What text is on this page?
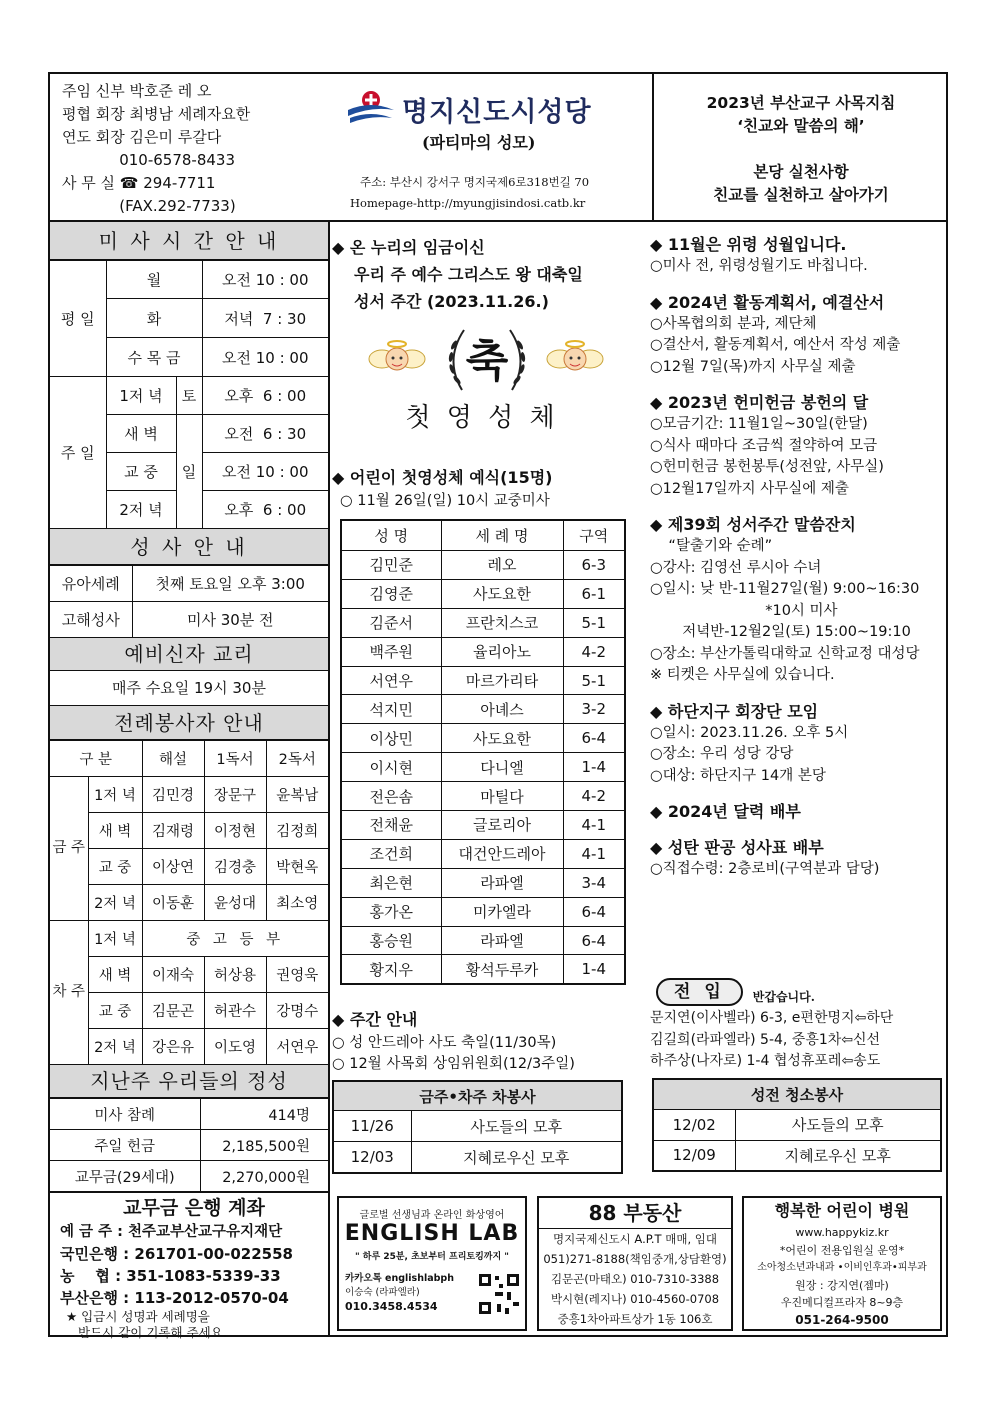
주임 신부 박호준 레 오
평협 회장 최병남 세례자요한
연도 회장 김은미 루갈다
010-6578-8433
사 무 실 ☎ 294-7711
(FAX.292-7733)
명지신도시성당
(파티마의 성모)
주소: 부산시 강서구 명지국제6로318번길 70
Homepage-http://myungjisindosi.catb.kr
2023년 부산교구 사목지침
‘친교와 말씀의 해’
본당 실천사항
친교를 실천하고 살아가기
미 사 시 간 안 내
평 일	월		오전 10 : 00
	화		저녁  7 : 30
	수 목 금		오전 10 : 00
주 일	1저 녁	토	오후  6 : 00
	새 벽	일	오전  6 : 30
	교 중		오전 10 : 00
	2저 녁		오후  6 : 00
성 사 안 내
유아세례	첫째 토요일 오후 3:00
고해성사	미사 30분 전
예비신자 교리
매주 수요일 19시 30분
전례봉사자 안내
구 분		해설	1독서	2독서
금 주	1저 녁	김민경	장문구	윤복남
	새 벽	김재령	이정현	김정희
	교 중	이상연	김경충	박현옥
	2저 녁	이동훈	윤성대	최소영
차 주	1저 녁	중 고 등 부		
	새 벽	이재숙	허상용	권영욱
	교 중	김문곤	허관수	강명수
	2저 녁	강은유	이도영	서연우
지난주 우리들의 정성
미사 참례	414명
주일 헌금	2,185,500원
교무금(29세대)	2,270,000원
교무금 은행 계좌
예 금 주 : 천주교부산교구유지재단
국민은행 : 261701-00-022558
농    협 : 351-1083-5339-33
부산은행 : 113-2012-0570-04
★ 입금시 성명과 세례명을
반드시 같이 기록해 주세요.
◆ 온 누리의 임금이신
우리 주 예수 그리스도 왕 대축일
성서 주간 (2023.11.26.)
축
첫 영 성 체
◆ 어린이 첫영성체 예식(15명)
○ 11월 26일(일) 10시 교중미사
성 명	세 례 명	구역
김민준	레오	6-3
김영준	사도요한	6-1
김준서	프란치스코	5-1
백주원	율리아노	4-2
서연우	마르가리타	5-1
석지민	아녜스	3-2
이상민	사도요한	6-4
이시현	다니엘	1-4
전은솜	마틸다	4-2
전채윤	글로리아	4-1
조건희	대건안드레아	4-1
최은현	라파엘	3-4
홍가온	미카엘라	6-4
홍승원	라파엘	6-4
황지우	황석두루카	1-4
◆ 주간 안내
○ 성 안드레아 사도 축일(11/30목)
○ 12월 사목회 상임위원회(12/3주일)
금주•차주 차봉사	
11/26	사도들의 모후
12/03	지혜로우신 모후
◆ 11월은 위령 성월입니다.
○미사 전, 위령성월기도 바칩니다.
◆ 2024년 활동계획서, 예결산서
○사목협의회 분과, 제단체
○결산서, 활동계획서, 예산서 작성 제출
○12월 7일(목)까지 사무실 제출
◆ 2023년 헌미헌금 봉헌의 달
○모금기간: 11월1일~30일(한달)
○식사 때마다 조금씩 절약하여 모금
○헌미헌금 봉헌봉투(성전앞, 사무실)
○12월17일까지 사무실에 제출
◆ 제39회 성서주간 말씀잔치
“탈출기와 순례”
○강사: 김영선 루시아 수녀
○일시: 낮 반-11월27일(월) 9:00~16:30
*10시 미사
저녁반-12월2일(토) 15:00~19:10
○장소: 부산가톨릭대학교 신학교정 대성당
※ 티켓은 사무실에 있습니다.
◆ 하단지구 회장단 모임
○일시: 2023.11.26. 오후 5시
○장소: 우리 성당 강당
○대상: 하단지구 14개 본당
◆ 2024년 달력 배부
◆ 성탄 판공 성사표 배부
○직접수령: 2층로비(구역분과 담당)
전 입	반갑습니다.
문지연(이사벨라) 6-3, e편한명지⇦하단
김길희(라파엘라) 5-4, 중흥1차⇦신선
하주상(나자로) 1-4 협성휴포레⇦송도
성전 청소봉사	
12/02	사도들의 모후
12/09	지혜로우신 모후
글로벌 선생님과 온라인 화상영어
ENGLISH LAB
" 하루 25분, 초보부터 프리토킹까지 "
카카오톡 englishlabph
이승숙 (라파엘라)
010.3458.4534
88 부동산
명지국제신도시 A.P.T 매매, 임대
051)271-8188(책임중개,상담환영)
김문곤(마태오) 010-7310-3388
박시현(레지나) 010-4560-0708
중흥1차아파트상가 1동 106호
행복한 어린이 병원
www.happykiz.kr
*어린이 전용입원실 운영*
소아청소년과내과 •이비인후과•피부과
원장 : 강지연(젬마)
우진메디컬프라자 8~9층
051-264-9500
